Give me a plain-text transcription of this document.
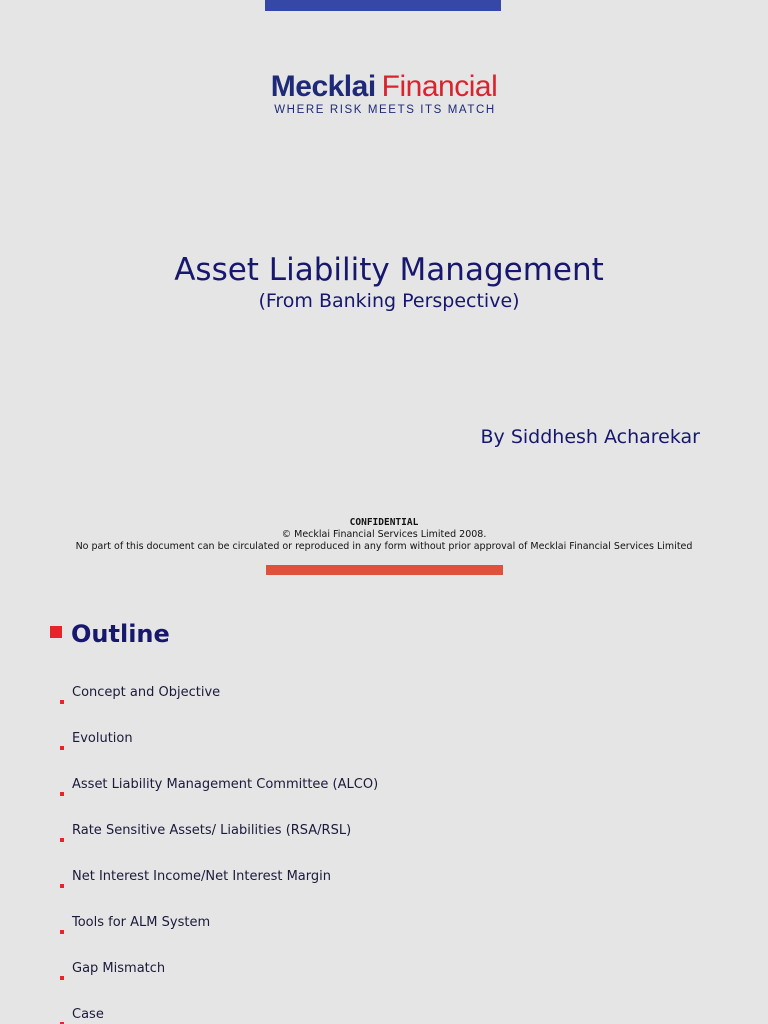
Mecklai Financial
WHERE RISK MEETS ITS MATCH
Asset Liability Management
(From Banking Perspective)
By Siddhesh Acharekar
CONFIDENTIAL
© Mecklai Financial Services Limited 2008.
No part of this document can be circulated or reproduced in any form without prior approval of Mecklai Financial Services Limited
Outline
Concept and Objective
Evolution
Asset Liability Management Committee (ALCO)
Rate Sensitive Assets/ Liabilities (RSA/RSL)
Net Interest Income/Net Interest Margin
Tools for ALM System
Gap Mismatch
Case
